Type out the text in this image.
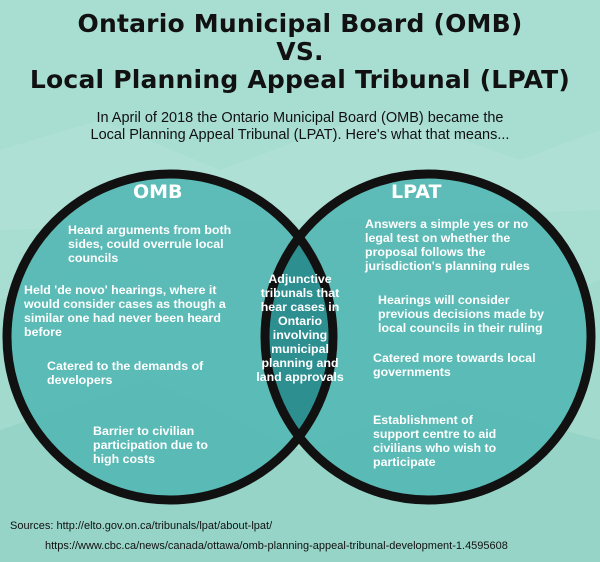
Ontario Municipal Board (OMB)
VS.
Local Planning Appeal Tribunal (LPAT)
In April of 2018 the Ontario Municipal Board (OMB) became the
Local Planning Appeal Tribunal (LPAT). Here's what that means...
OMB	LPAT
Heard arguments from both
sides, could overrule local
councils
Held 'de novo' hearings, where it
would consider cases as though a
similar one had never been heard
before
Catered to the demands of
developers
Barrier to civilian
participation due to
high costs
Adjunctive
tribunals that
hear cases in
Ontario
involving
municipal
planning and
land approvals
Answers a simple yes or no
legal test on whether the
proposal follows the
jurisdiction's planning rules
Hearings will consider
previous decisions made by
local councils in their ruling
Catered more towards local
governments
Establishment of
support centre to aid
civilians who wish to
participate
Sources: http://elto.gov.on.ca/tribunals/lpat/about-lpat/
https://www.cbc.ca/news/canada/ottawa/omb-planning-appeal-tribunal-development-1.4595608
